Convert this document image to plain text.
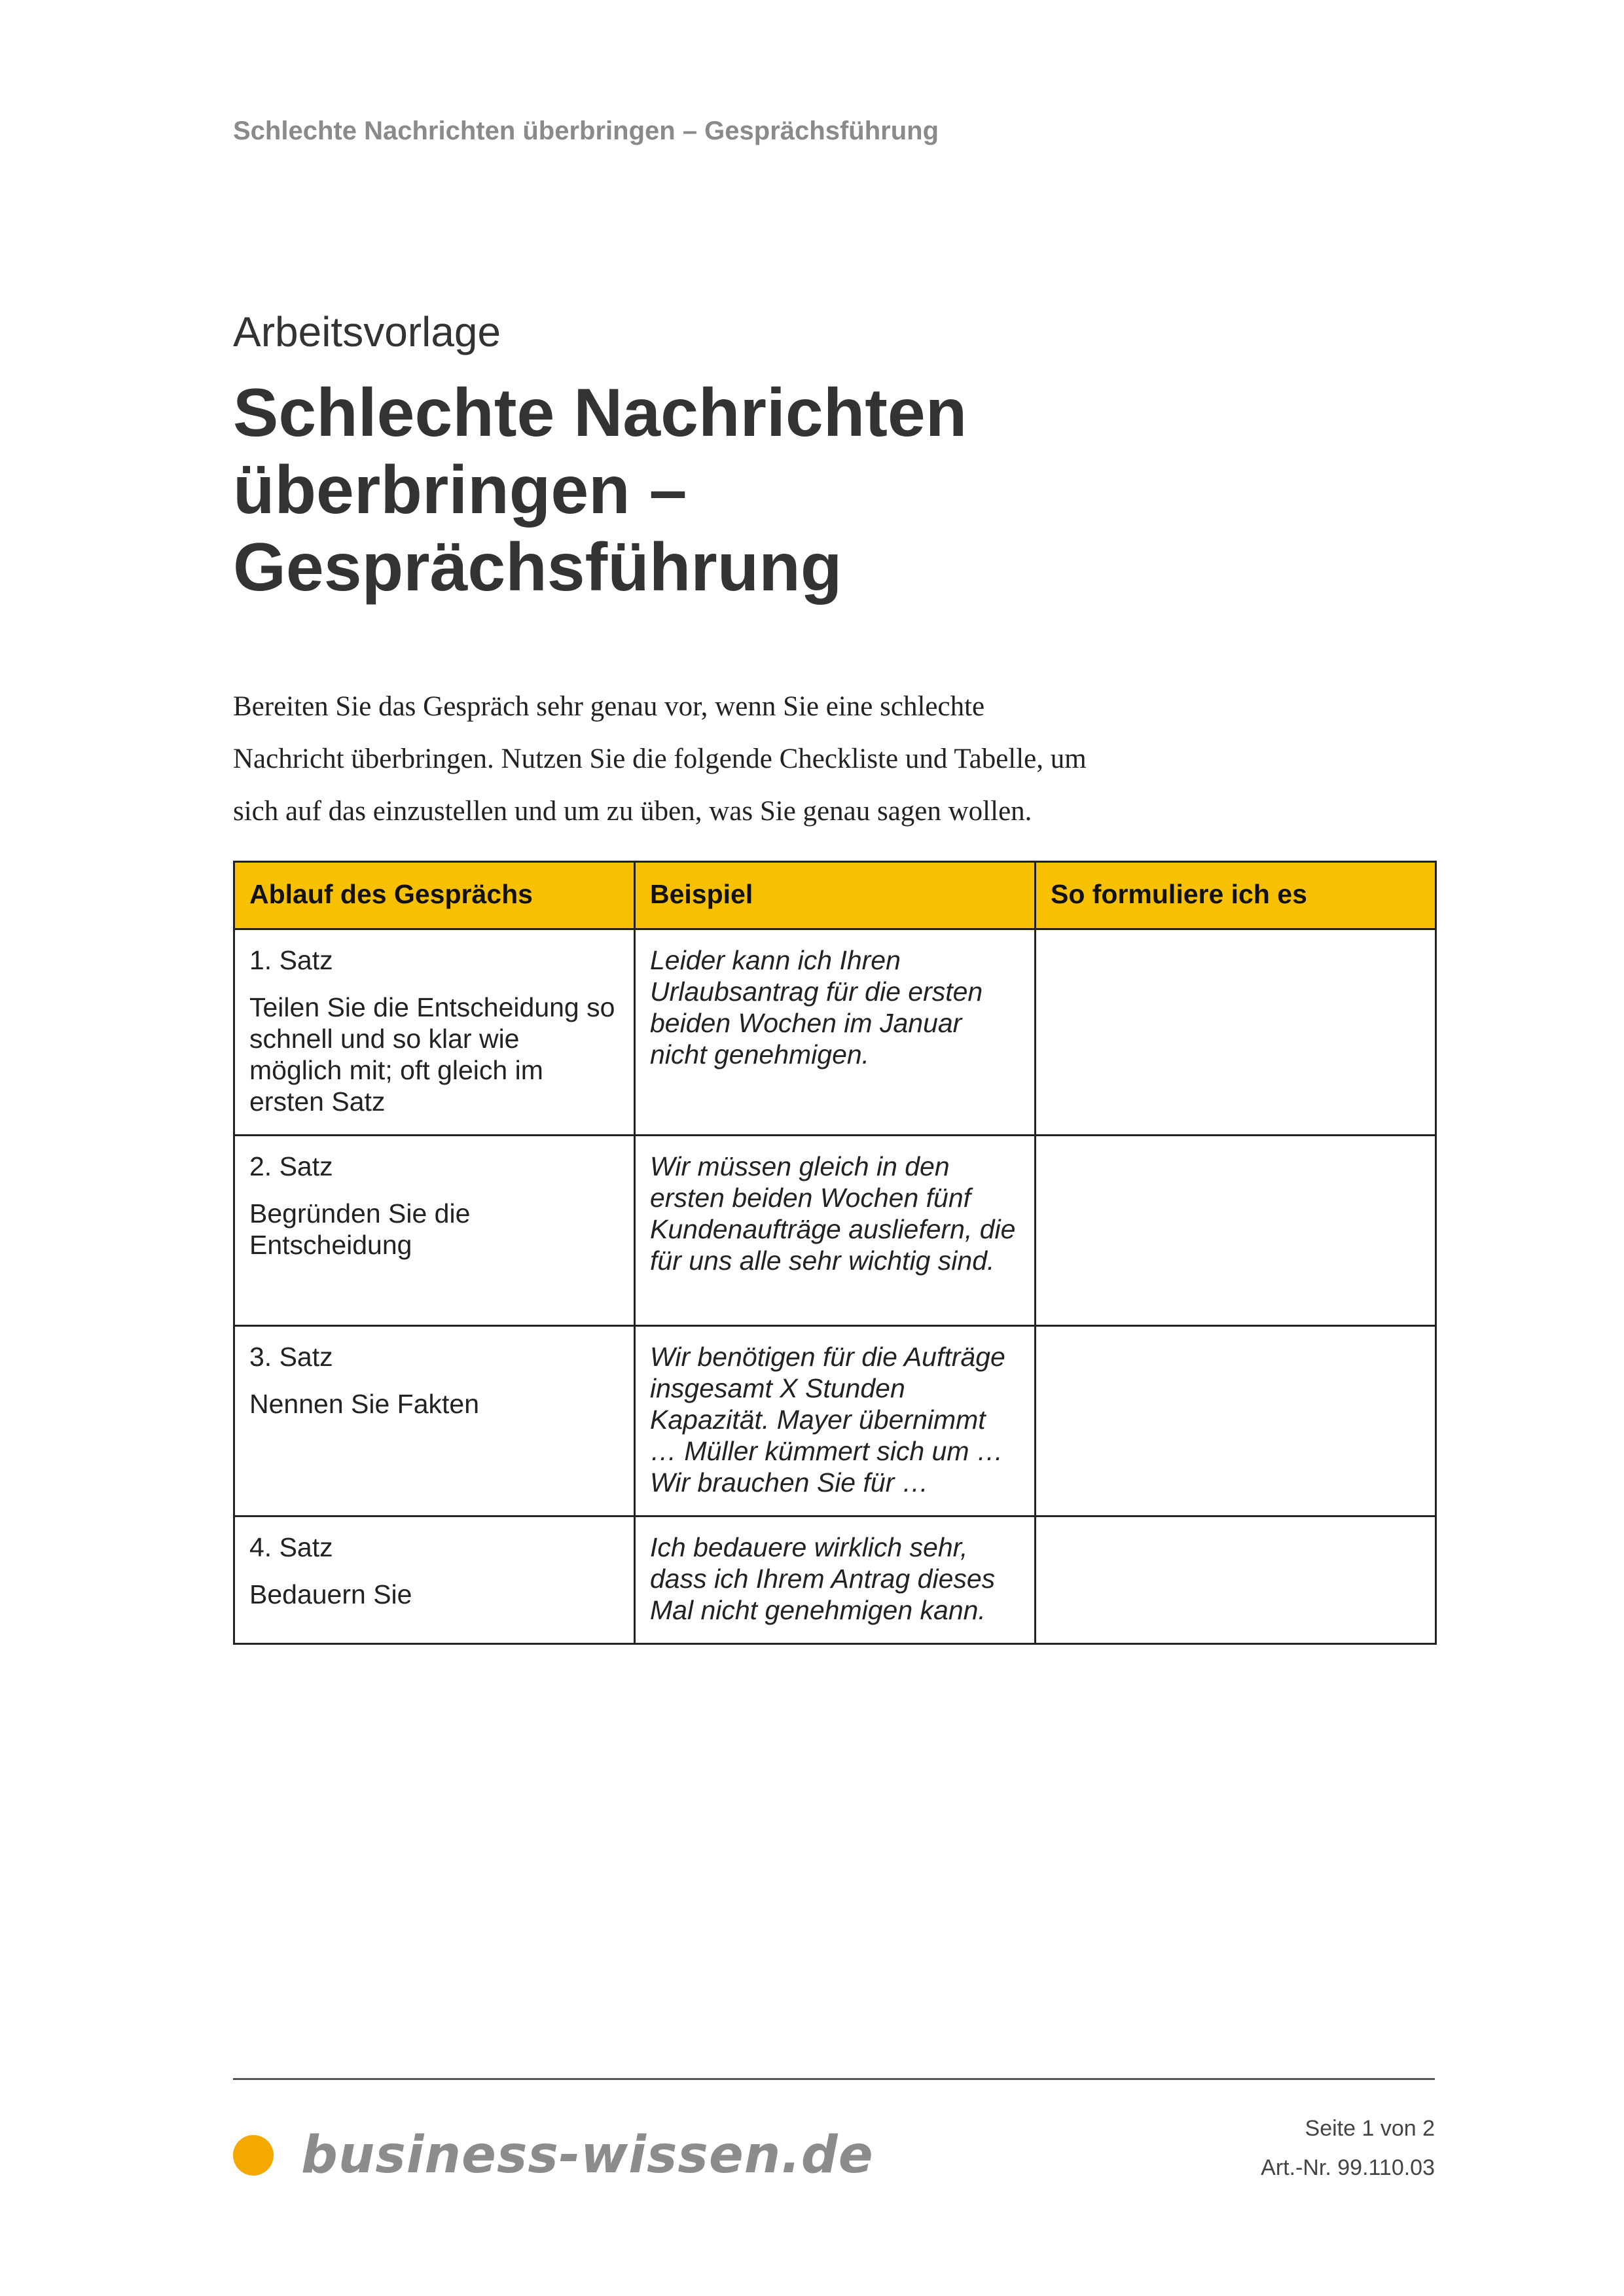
Schlechte Nachrichten überbringen – Gesprächsführung
Arbeitsvorlage
Schlechte Nachrichten
überbringen –
Gesprächsführung
Bereiten Sie das Gespräch sehr genau vor, wenn Sie eine schlechte
Nachricht überbringen. Nutzen Sie die folgende Checkliste und Tabelle, um
sich auf das einzustellen und um zu üben, was Sie genau sagen wollen.
Ablauf des Gesprächs	Beispiel	So formuliere ich es

1. Satz

Teilen Sie die Entscheidung so schnell und so klar wie möglich mit; oft gleich im ersten Satz	Leider kann ich Ihren Urlaubsantrag für die ersten beiden Wochen im Januar nicht genehmigen.	

2. Satz

Begründen Sie die Entscheidung	Wir müssen gleich in den ersten beiden Wochen fünf Kundenaufträge ausliefern, die für uns alle sehr wichtig sind.	

3. Satz

Nennen Sie Fakten	Wir benötigen für die Aufträge insgesamt X Stunden Kapazität. Mayer übernimmt … Müller kümmert sich um … Wir brauchen Sie für …	

4. Satz

Bedauern Sie	Ich bedauere wirklich sehr, dass ich Ihrem Antrag dieses Mal nicht genehmigen kann.	
business-wissen.de	Seite 1 von 2
Art.-Nr. 99.110.03
